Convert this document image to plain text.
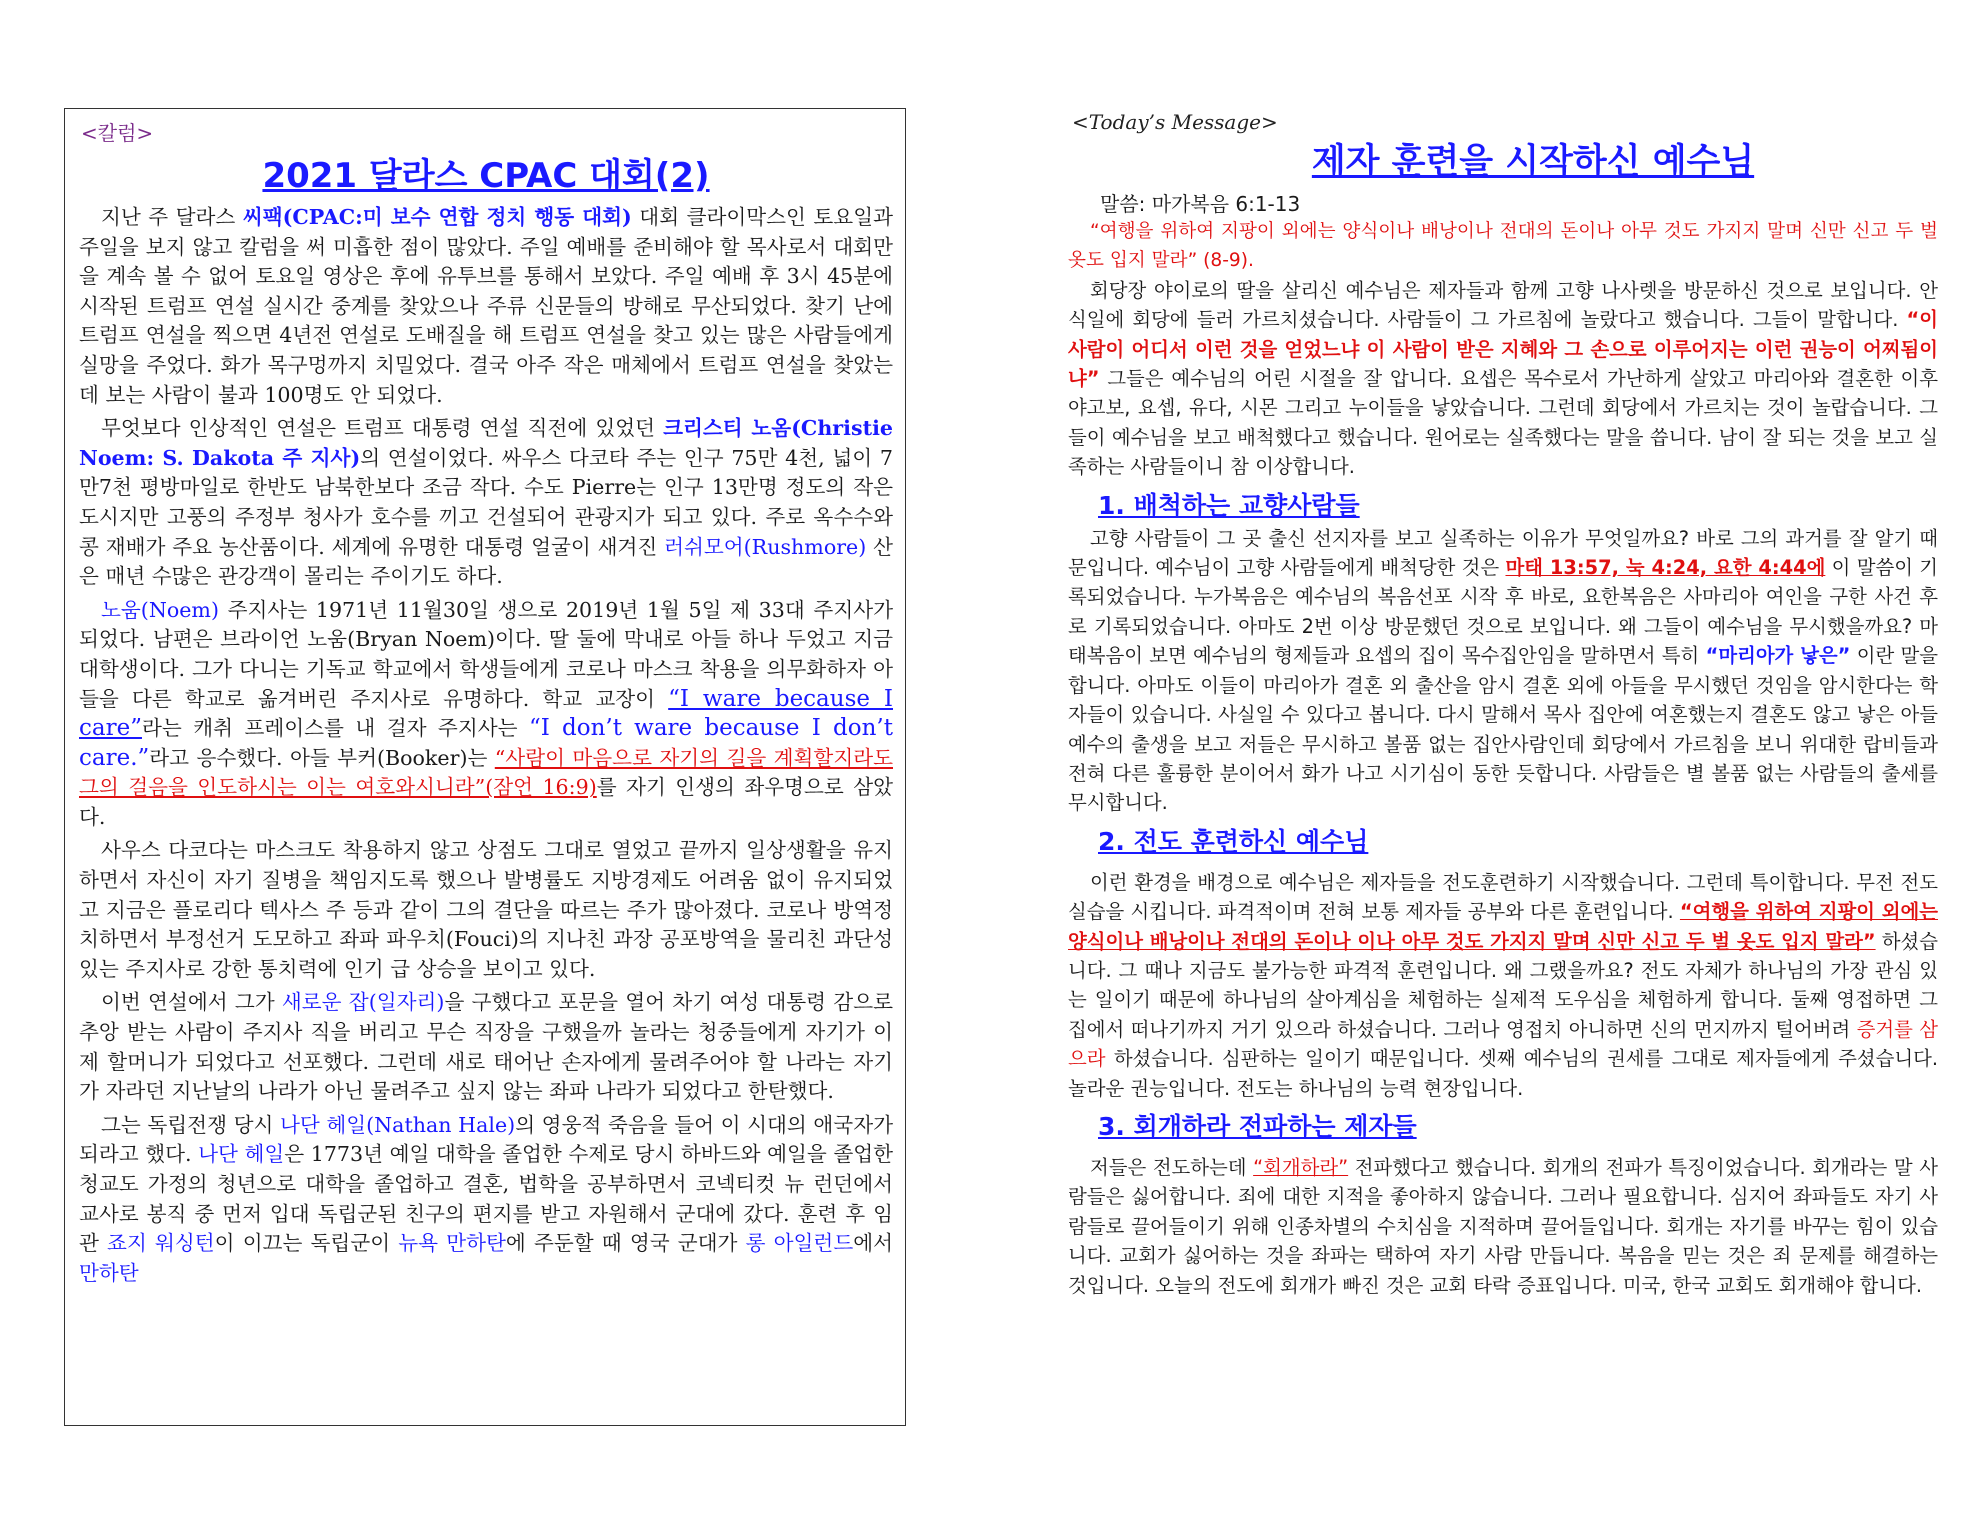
<칼럼>
2021 달라스 CPAC 대회(2)

지난 주 달라스 씨팩(CPAC:미 보수 연합 정치 행동 대회) 대회 클라이막스인 토요일과 주일을 보지 않고 칼럼을 써 미흡한 점이 많았다. 주일 예배를 준비해야 할 목사로서 대회만을 계속 볼 수 없어 토요일 영상은 후에 유투브를 통해서 보았다. 주일 예배 후 3시 45분에 시작된 트럼프 연설 실시간 중계를 찾았으나 주류 신문들의 방해로 무산되었다. 찾기 난에 트럼프 연설을 찍으면 4년전 연설로 도배질을 해 트럼프 연설을 찾고 있는 많은 사람들에게 실망을 주었다. 화가 목구멍까지 치밀었다. 결국 아주 작은 매체에서 트럼프 연설을 찾았는데 보는 사람이 불과 100명도 안 되었다.

무엇보다 인상적인 연설은 트럼프 대통령 연설 직전에 있었던 크리스티 노옴(Christie Noem: S. Dakota 주 지사)의 연설이었다. 싸우스 다코타 주는 인구 75만 4천, 넓이 7만7천 평방마일로 한반도 남북한보다 조금 작다. 수도 Pierre는 인구 13만명 정도의 작은 도시지만 고풍의 주정부 청사가 호수를 끼고 건설되어 관광지가 되고 있다. 주로 옥수수와 콩 재배가 주요 농산품이다. 세계에 유명한 대통령 얼굴이 새겨진 러쉬모어(Rushmore) 산은 매년 수많은 관강객이 몰리는 주이기도 하다.

노움(Noem) 주지사는 1971년 11월30일 생으로 2019년 1월 5일 제 33대 주지사가 되었다. 남편은 브라이언 노움(Bryan Noem)이다. 딸 둘에 막내로 아들 하나 두었고 지금 대학생이다. 그가 다니는 기독교 학교에서 학생들에게 코로나 마스크 착용을 의무화하자 아들을 다른 학교로 옮겨버린 주지사로 유명하다. 학교 교장이 “I ware because I care”라는 캐취 프레이스를 내 걸자 주지사는 “I don’t ware because I don’t care.”라고 응수했다. 아들 부커(Booker)는 “사람이 마음으로 자기의 길을 계획할지라도 그의 걸음을 인도하시는 이는 여호와시니라”(잠언 16:9)를 자기 인생의 좌우명으로 삼았다.

사우스 다코다는 마스크도 착용하지 않고 상점도 그대로 열었고 끝까지 일상생활을 유지하면서 자신이 자기 질병을 책임지도록 했으나 발병률도 지방경제도 어려움 없이 유지되었고 지금은 플로리다 텍사스 주 등과 같이 그의 결단을 따르는 주가 많아졌다. 코로나 방역정치하면서 부정선거 도모하고 좌파 파우치(Fouci)의 지나친 과장 공포방역을 물리친 과단성 있는 주지사로 강한 통치력에 인기 급 상승을 보이고 있다.

이번 연설에서 그가 새로운 잡(일자리)을 구했다고 포문을 열어 차기 여성 대통령 감으로 추앙 받는 사람이 주지사 직을 버리고 무슨 직장을 구했을까 놀라는 청중들에게 자기가 이제 할머니가 되었다고 선포했다. 그런데 새로 태어난 손자에게 물려주어야 할 나라는 자기가 자라던 지난날의 나라가 아닌 물려주고 싶지 않는 좌파 나라가 되었다고 한탄했다.

그는 독립전쟁 당시 나단 헤일(Nathan Hale)의 영웅적 죽음을 들어 이 시대의 애국자가 되라고 했다. 나단 헤일은 1773년 예일 대학을 졸업한 수제로 당시 하바드와 예일을 졸업한 청교도 가정의 청년으로 대학을 졸업하고 결혼, 법학을 공부하면서 코넥티컷 뉴 런던에서 교사로 봉직 중 먼저 입대 독립군된 친구의 편지를 받고 자원해서 군대에 갔다. 훈련 후 임관 죠지 워싱턴이 이끄는 독립군이 뉴욕 만하탄에 주둔할 때 영국 군대가 롱 아일런드에서 만하탄

<Today’s Message>
제자 훈련을 시작하신 예수님
말씀: 마가복음 6:1-13

“여행을 위하여 지팡이 외에는 양식이나 배낭이나 전대의 돈이나 아무 것도 가지지 말며 신만 신고 두 벌 옷도 입지 말라” (8-9).

회당장 야이로의 딸을 살리신 예수님은 제자들과 함께 고향 나사렛을 방문하신 것으로 보입니다. 안식일에 회당에 들러 가르치셨습니다. 사람들이 그 가르침에 놀랐다고 했습니다. 그들이 말합니다. “이 사람이 어디서 이런 것을 얻었느냐 이 사람이 받은 지혜와 그 손으로 이루어지는 이런 권능이 어찌됨이냐” 그들은 예수님의 어린 시절을 잘 압니다. 요셉은 목수로서 가난하게 살았고 마리아와 결혼한 이후 야고보, 요셉, 유다, 시몬 그리고 누이들을 낳았습니다. 그런데 회당에서 가르치는 것이 놀랍습니다. 그들이 예수님을 보고 배척했다고 했습니다. 원어로는 실족했다는 말을 씁니다. 남이 잘 되는 것을 보고 실족하는 사람들이니 참 이상합니다.

1. 배척하는 교향사람들

고향 사람들이 그 곳 출신 선지자를 보고 실족하는 이유가 무엇일까요? 바로 그의 과거를 잘 알기 때문입니다. 예수님이 고향 사람들에게 배척당한 것은 마태 13:57, 눅 4:24, 요한 4:44에 이 말씀이 기록되었습니다. 누가복음은 예수님의 복음선포 시작 후 바로, 요한복음은 사마리아 여인을 구한 사건 후로 기록되었습니다. 아마도 2번 이상 방문했던 것으로 보입니다. 왜 그들이 예수님을 무시했을까요? 마태복음이 보면 예수님의 형제들과 요셉의 집이 목수집안임을 말하면서 특히 “마리아가 낳은” 이란 말을 합니다. 아마도 이들이 마리아가 결혼 외 출산을 암시 결혼 외에 아들을 무시했던 것임을 암시한다는 학자들이 있습니다. 사실일 수 있다고 봅니다. 다시 말해서 목사 집안에 여혼했는지 결혼도 않고 낳은 아들 예수의 출생을 보고 저들은 무시하고 볼품 없는 집안사람인데 회당에서 가르침을 보니 위대한 랍비들과 전혀 다른 훌륭한 분이어서 화가 나고 시기심이 동한 듯합니다. 사람들은 별 볼품 없는 사람들의 출세를 무시합니다.

2. 전도 훈련하신 예수님

이런 환경을 배경으로 예수님은 제자들을 전도훈련하기 시작했습니다. 그런데 특이합니다. 무전 전도 실습을 시킵니다. 파격적이며 전혀 보통 제자들 공부와 다른 훈련입니다. “여행을 위하여 지팡이 외에는 양식이나 배낭이나 전대의 돈이나 이나 아무 것도 가지지 말며 신만 신고 두 벌 옷도 입지 말라” 하셨습니다. 그 때나 지금도 불가능한 파격적 훈련입니다. 왜 그랬을까요? 전도 자체가 하나님의 가장 관심 있는 일이기 때문에 하나님의 살아계심을 체험하는 실제적 도우심을 체험하게 합니다. 둘째 영접하면 그 집에서 떠나기까지 거기 있으라 하셨습니다. 그러나 영접치 아니하면 신의 먼지까지 털어버려 증거를 삼으라 하셨습니다. 심판하는 일이기 때문입니다. 셋째 예수님의 권세를 그대로 제자들에게 주셨습니다. 놀라운 권능입니다. 전도는 하나님의 능력 현장입니다.

3. 회개하라 전파하는 제자들

저들은 전도하는데 “회개하라” 전파했다고 했습니다. 회개의 전파가 특징이었습니다. 회개라는 말 사람들은 싫어합니다. 죄에 대한 지적을 좋아하지 않습니다. 그러나 필요합니다. 심지어 좌파들도 자기 사람들로 끌어들이기 위해 인종차별의 수치심을 지적하며 끌어들입니다. 회개는 자기를 바꾸는 힘이 있습니다. 교회가 싫어하는 것을 좌파는 택하여 자기 사람 만듭니다. 복음을 믿는 것은 죄 문제를 해결하는 것입니다. 오늘의 전도에 회개가 빠진 것은 교회 타락 증표입니다. 미국, 한국 교회도 회개해야 합니다.
